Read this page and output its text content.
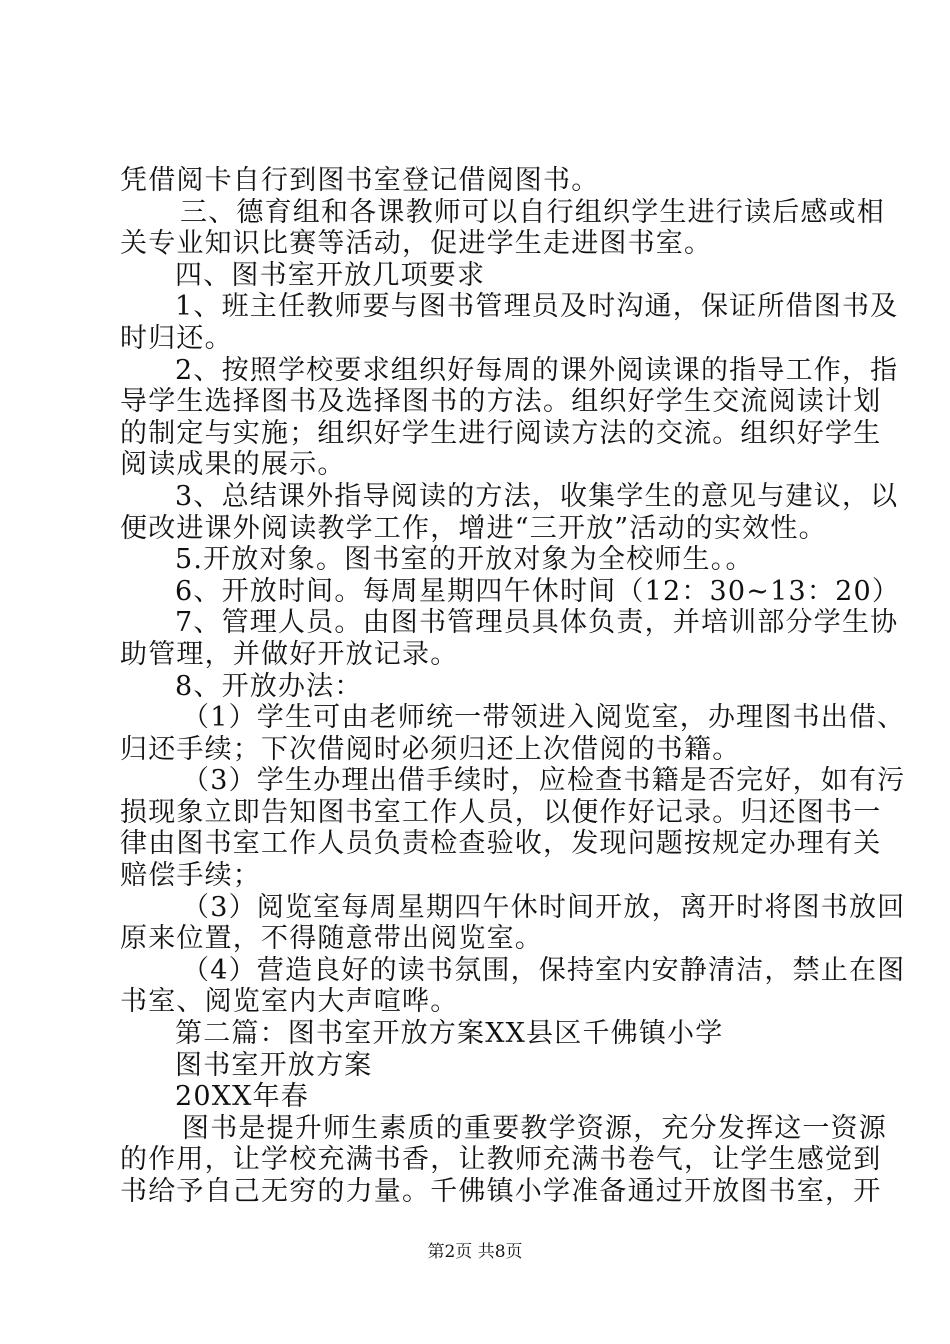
凭借阅卡自行到图书室登记借阅图书。
三、德育组和各课教师可以自行组织学生进行读后感或相
关专业知识比赛等活动，促进学生走进图书室。
四、图书室开放几项要求
1、班主任教师要与图书管理员及时沟通，保证所借图书及
时归还。
2、按照学校要求组织好每周的课外阅读课的指导工作，指
导学生选择图书及选择图书的方法。组织好学生交流阅读计划
的制定与实施；组织好学生进行阅读方法的交流。组织好学生
阅读成果的展示。
3、总结课外指导阅读的方法，收集学生的意见与建议，以
便改进课外阅读教学工作，增进“三开放”活动的实效性。
5.开放对象。图书室的开放对象为全校师生。。
6、开放时间。每周星期四午休时间（12：30~13：20）
7、管理人员。由图书管理员具体负责，并培训部分学生协
助管理，并做好开放记录。
8、开放办法：
（1）学生可由老师统一带领进入阅览室，办理图书出借、
归还手续；下次借阅时必须归还上次借阅的书籍。
（3）学生办理出借手续时，应检查书籍是否完好，如有污
损现象立即告知图书室工作人员，以便作好记录。归还图书一
律由图书室工作人员负责检查验收，发现问题按规定办理有关
赔偿手续；
（3）阅览室每周星期四午休时间开放，离开时将图书放回
原来位置，不得随意带出阅览室。
（4）营造良好的读书氛围，保持室内安静清洁，禁止在图
书室、阅览室内大声喧哗。
第二篇：图书室开放方案XX县区千佛镇小学
图书室开放方案
20XX年春
图书是提升师生素质的重要教学资源，充分发挥这一资源
的作用，让学校充满书香，让教师充满书卷气，让学生感觉到
书给予自己无穷的力量。千佛镇小学准备通过开放图书室，开
第2页 共8页
